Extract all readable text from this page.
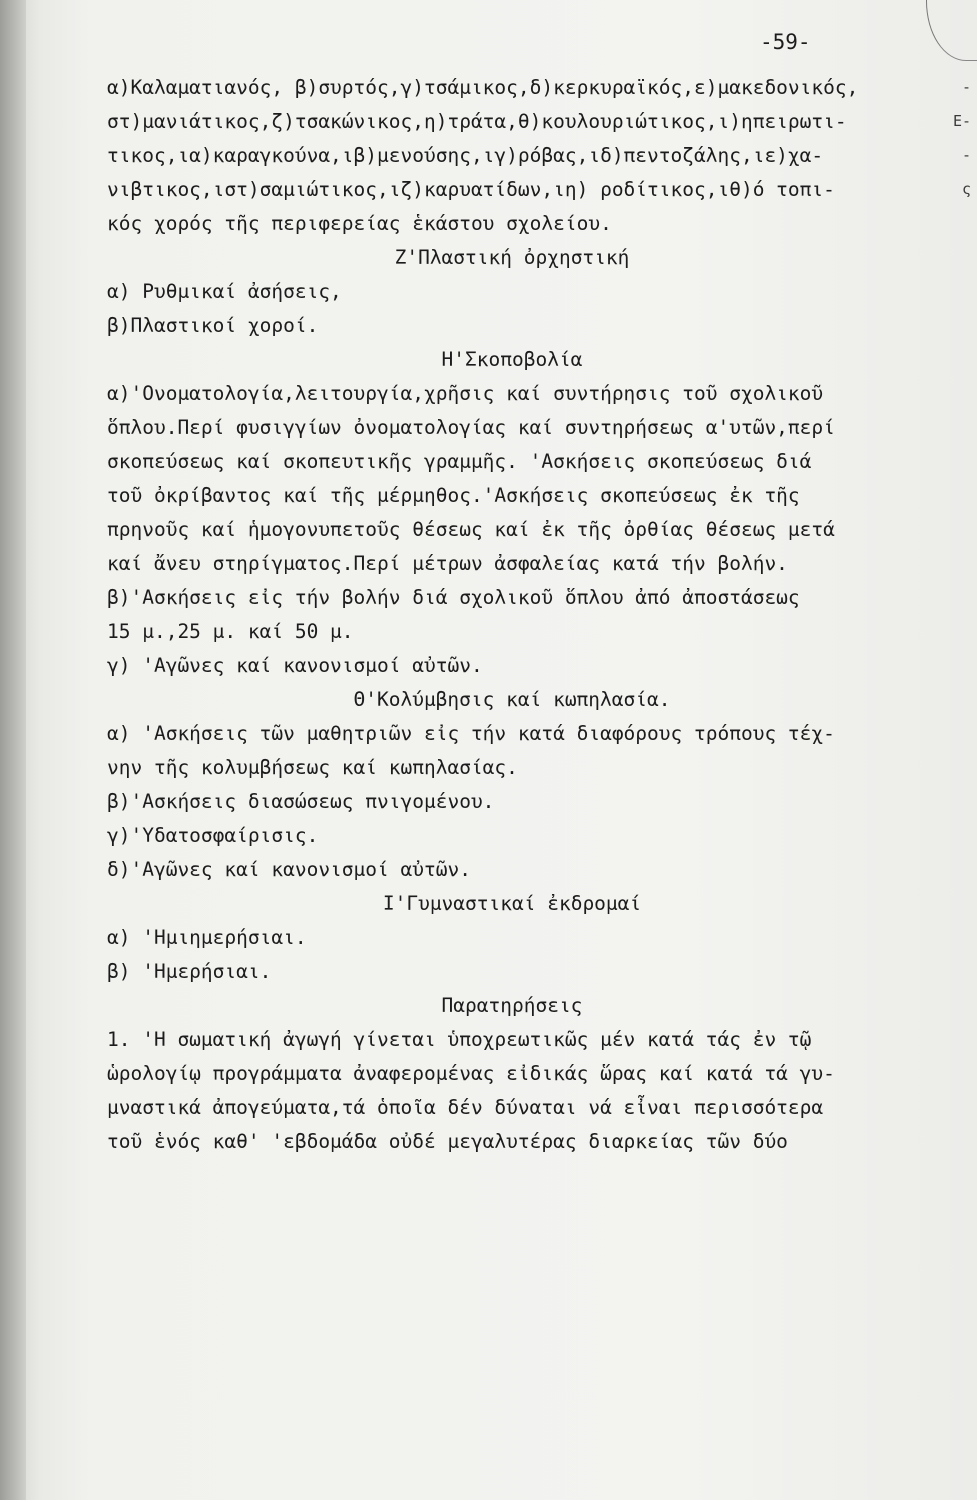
-59-
α)Καλαματιανός, β)συρτός,γ)τσάμικος,δ)κερκυραϊκός,ε)μακεδονικός,
στ)μανιάτικος,ζ)τσακώνικος,η)τράτα,θ)κουλουριώτικος,ι)ηπειρωτι-
τικος,ια)καραγκούνα,ιβ)μενούσης,ιγ)ρόβας,ιδ)πεντοζάλης,ιε)χα-
νιβτικος,ιστ)σαμιώτικος,ιζ)καρυατίδων,ιη) ροδίτικος,ιθ)ό τοπι-
κός χορός τῆς περιφερείας ἑκάστου σχολείου.
Ζ'Πλαστική ὀρχηστική
α) Ρυθμικαί ἀσήσεις,
β)Πλαστικοί χοροί.
Η'Σκοποβολία
α)'Ονοματολογία,λειτουργία,χρῆσις καί συντήρησις τοῦ σχολικοῦ
ὅπλου.Περί φυσιγγίων ὀνοματολογίας καί συντηρήσεως α'υτῶν,περί
σκοπεύσεως καί σκοπευτικῆς γραμμῆς. 'Ασκήσεις σκοπεύσεως διά
τοῦ ὀκρίβαντος καί τῆς μέρμηθος.'Ασκήσεις σκοπεύσεως ἐκ τῆς
πρηνοῦς καί ἡμογονυπετοῦς θέσεως καί ἐκ τῆς ὀρθίας θέσεως μετά
καί ἄνευ στηρίγματος.Περί μέτρων ἀσφαλείας κατά τήν βολήν.
β)'Ασκήσεις εἰς τήν βολήν διά σχολικοῦ ὅπλου ἀπό ἀποστάσεως
15 μ.,25 μ. καί 50 μ.
γ) 'Αγῶνες καί κανονισμοί αὐτῶν.
Θ'Κολύμβησις καί κωπηλασία.
α) 'Ασκήσεις τῶν μαθητριῶν εἰς τήν κατά διαφόρους τρόπους τέχ-
νην τῆς κολυμβήσεως καί κωπηλασίας.
β)'Ασκήσεις διασώσεως πνιγομένου.
γ)'Υδατοσφαίρισις.
δ)'Αγῶνες καί κανονισμοί αὐτῶν.
Ι'Γυμναστικαί ἐκδρομαί
α) 'Ημιημερήσιαι.
β) 'Ημερήσιαι.
Παρατηρήσεις
1. 'Η σωματική ἀγωγή γίνεται ὑποχρεωτικῶς μέν κατά τάς ἐν τῷ
ὡρολογίῳ προγράμματα ἀναφερομένας εἰδικάς ὥρας καί κατά τά γυ-
μναστικά ἀπογεύματα,τά ὁποῖα δέν δύναται νά εἶναι περισσότερα
τοῦ ἑνός καθ' 'εβδομάδα οὐδέ μεγαλυτέρας διαρκείας τῶν δύο
-
Ε-
-
ς
